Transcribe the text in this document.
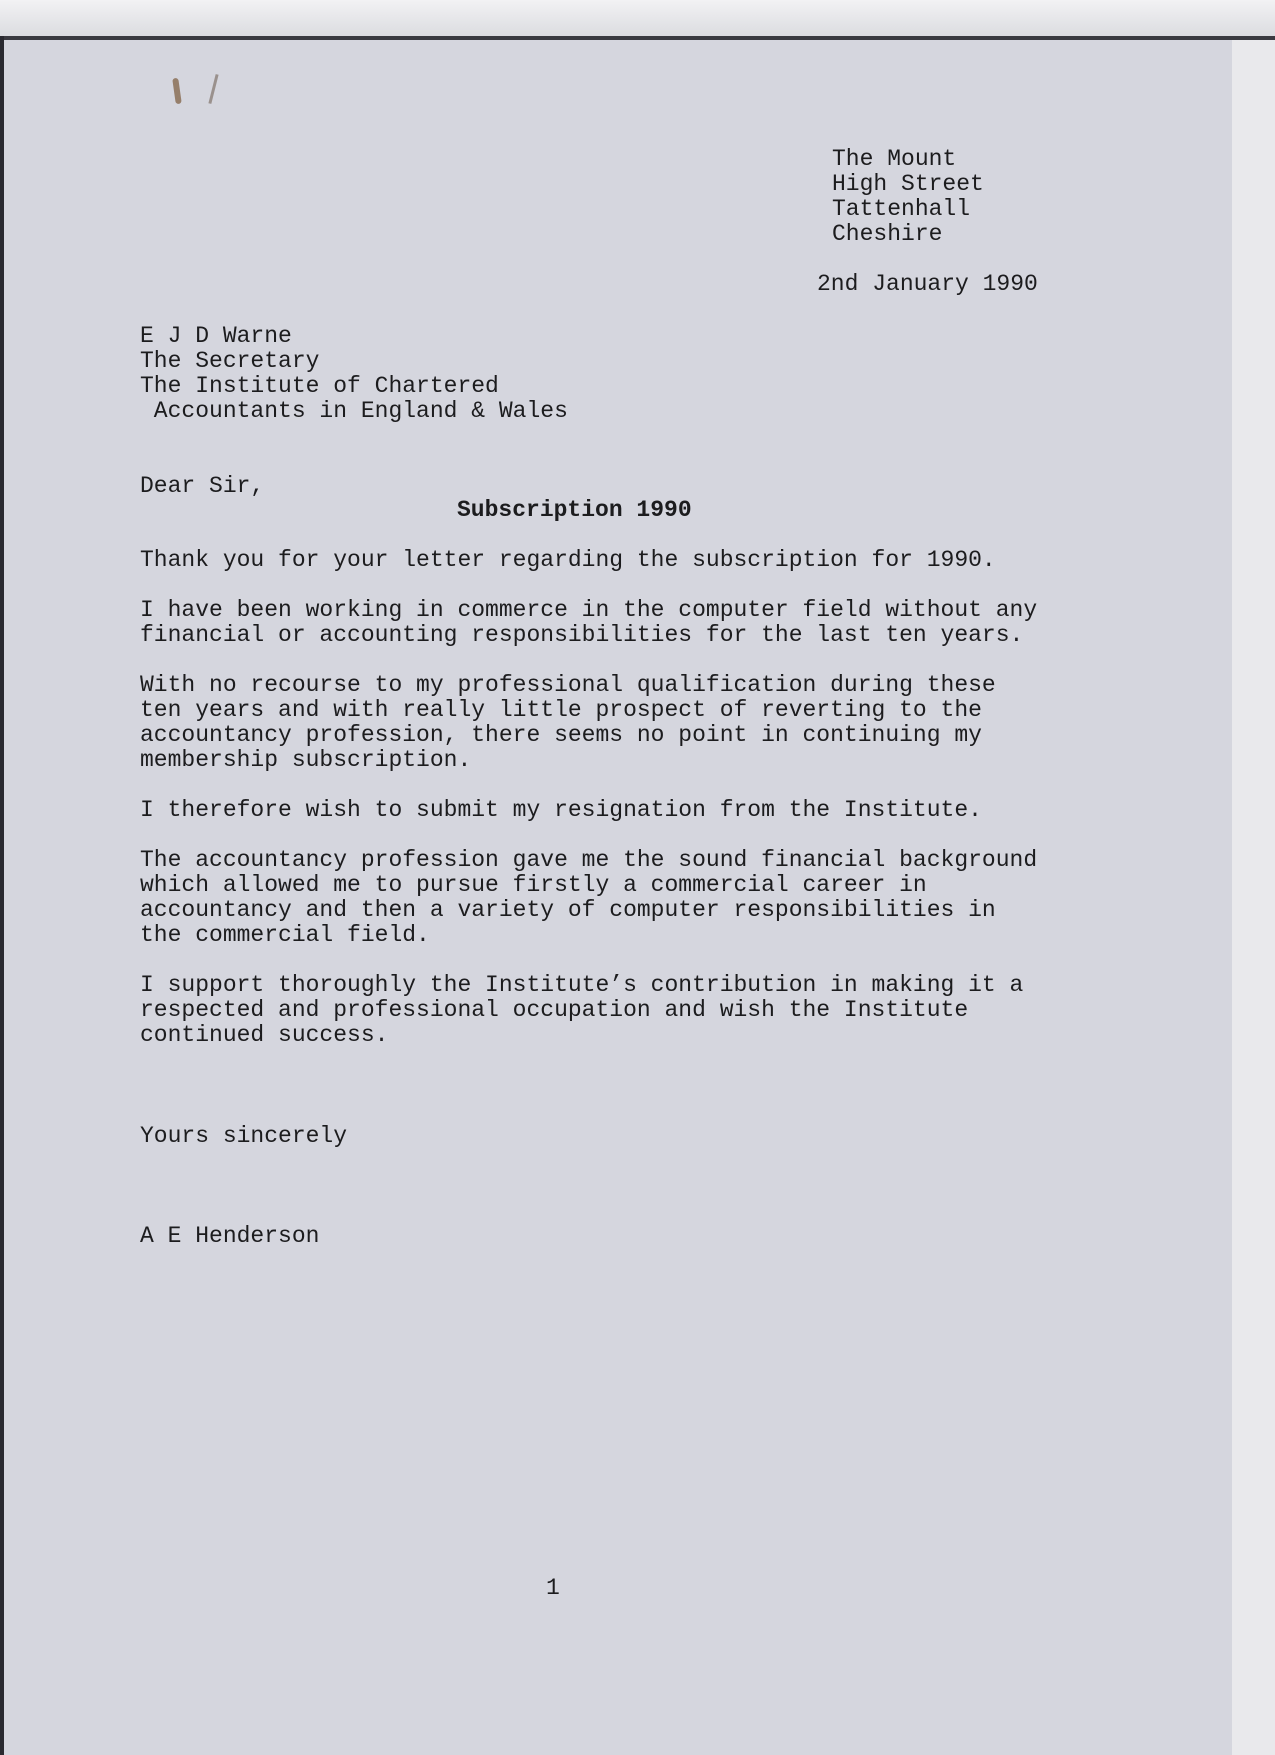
The Mount

High Street

Tattenhall

Cheshire

2nd January 1990

E J D Warne

The Secretary

The Institute of Chartered

Accountants in England & Wales

Dear Sir,

Subscription 1990

Thank you for your letter regarding the subscription for 1990.

I have been working in commerce in the computer field without any
financial or accounting responsibilities for the last ten years.

With no recourse to my professional qualification during these
ten years and with really little prospect of reverting to the
accountancy profession, there seems no point in continuing my
membership subscription.

I therefore wish to submit my resignation from the Institute.

The accountancy profession gave me the sound financial background
which allowed me to pursue firstly a commercial career in
accountancy and then a variety of computer responsibilities in
the commercial field.

I support thoroughly the Institute’s contribution in making it a
respected and professional occupation and wish the Institute
continued success.

Yours sincerely

A E Henderson

1
